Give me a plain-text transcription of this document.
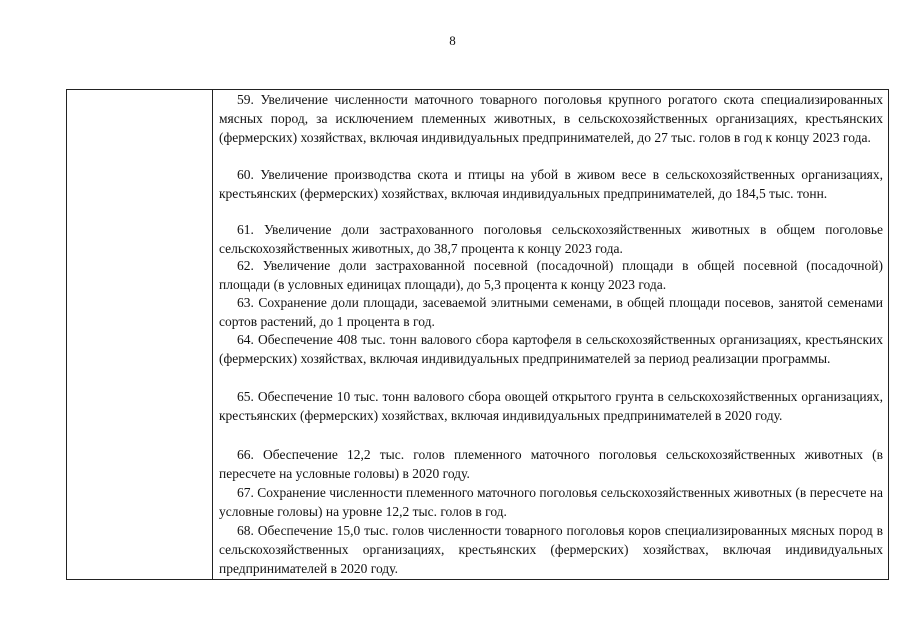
8

59. Увеличение численности маточного товарного поголовья крупного рогатого скота специализированных мясных пород, за исключением племенных животных, в сельскохозяйственных организациях, крестьянских (фермерских) хозяйствах, включая индивидуальных предпринимателей, до 27 тыс. голов в год к концу 2023 года.

60. Увеличение производства скота и птицы на убой в живом весе в сельскохозяйственных организациях, крестьянских (фермерских) хозяйствах, включая индивидуальных предпринимателей, до 184,5 тыс. тонн.

61. Увеличение доли застрахованного поголовья сельскохозяйственных животных в общем поголовье сельскохозяйственных животных, до 38,7 процента к концу 2023 года.

62. Увеличение доли застрахованной посевной (посадочной) площади в общей посевной (посадочной) площади (в условных единицах площади), до 5,3 процента к концу 2023 года.

63. Сохранение доли площади, засеваемой элитными семенами, в общей площади посевов, занятой семенами сортов растений, до 1 процента в год.

64. Обеспечение 408 тыс. тонн валового сбора картофеля в сельскохозяйственных организациях, крестьянских (фермерских) хозяйствах, включая индивидуальных предпринимателей за период реализации программы.

65. Обеспечение 10 тыс. тонн валового сбора овощей открытого грунта в сельскохозяйственных организациях, крестьянских (фермерских) хозяйствах, включая индивидуальных предпринимателей в 2020 году.

66. Обеспечение 12,2 тыс. голов племенного маточного поголовья сельскохозяйственных животных (в пересчете на условные головы) в 2020 году.

67. Сохранение численности племенного маточного поголовья сельскохозяйственных животных (в пересчете на условные головы) на уровне 12,2 тыс. голов в год.

68. Обеспечение 15,0 тыс. голов численности товарного поголовья коров специализированных мясных пород в сельскохозяйственных организациях, крестьянских (фермерских) хозяйствах, включая индивидуальных предпринимателей в 2020 году.
